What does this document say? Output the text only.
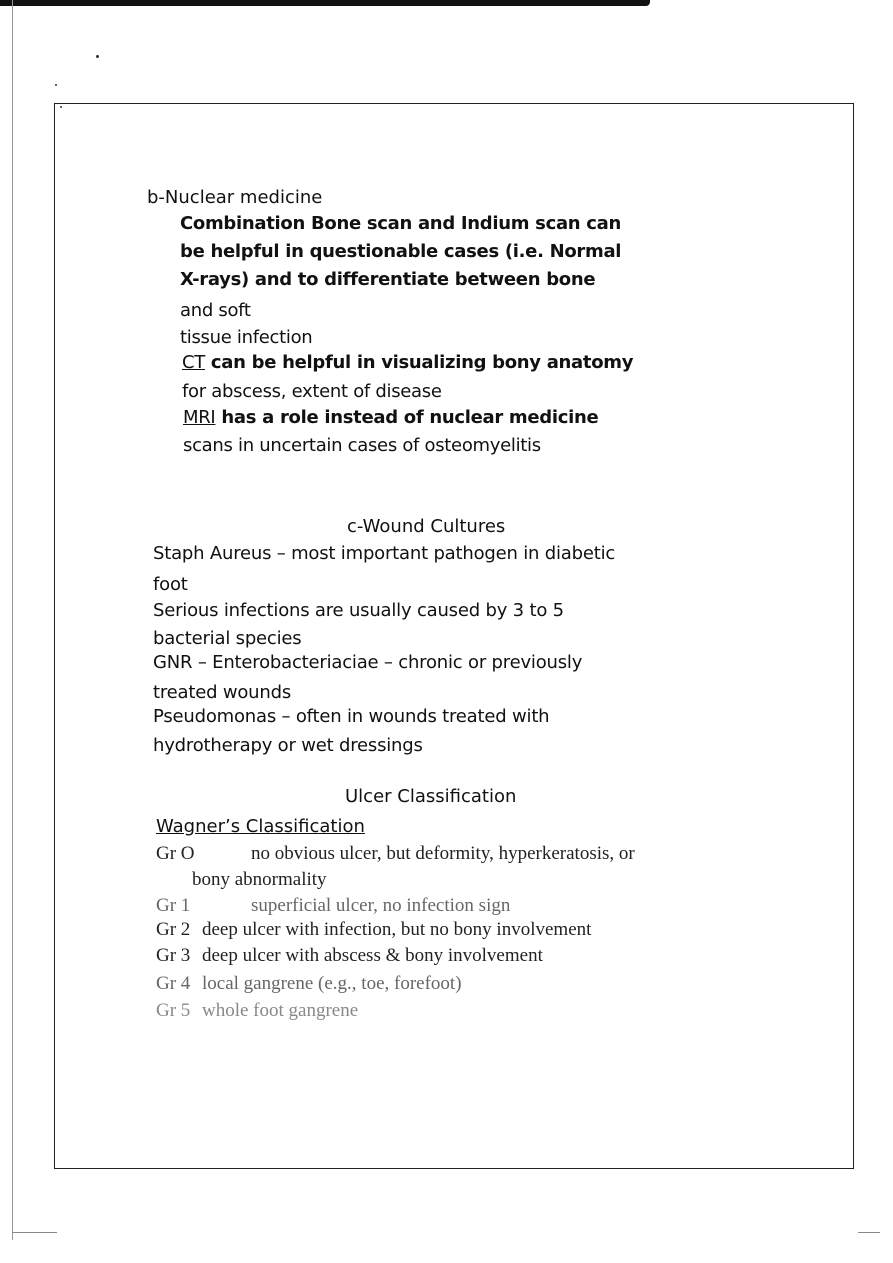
b-Nuclear medicine

Combination Bone scan and Indium scan can

be helpful in questionable cases (i.e. Normal

X-rays) and to differentiate between bone

and soft

tissue infection

CT can be helpful in visualizing bony anatomy

for abscess, extent of disease

MRI has a role instead of nuclear medicine

scans in uncertain cases of osteomyelitis

c-Wound Cultures

Staph Aureus – most important pathogen in diabetic

foot

Serious infections are usually caused by 3 to 5

bacterial species

GNR – Enterobacteriaciae – chronic or previously

treated wounds

Pseudomonas – often in wounds treated with

hydrotherapy or wet dressings

Ulcer Classification

Wagner’s Classification

Gr O	no obvious ulcer, but deformity, hyperkeratosis, or

bony abnormality

Gr 1	superficial ulcer, no infection sign

Gr 2 deep ulcer with infection, but no bony involvement

Gr 3 deep ulcer with abscess & bony involvement

Gr 4 local gangrene (e.g., toe, forefoot)

Gr 5 whole foot gangrene
